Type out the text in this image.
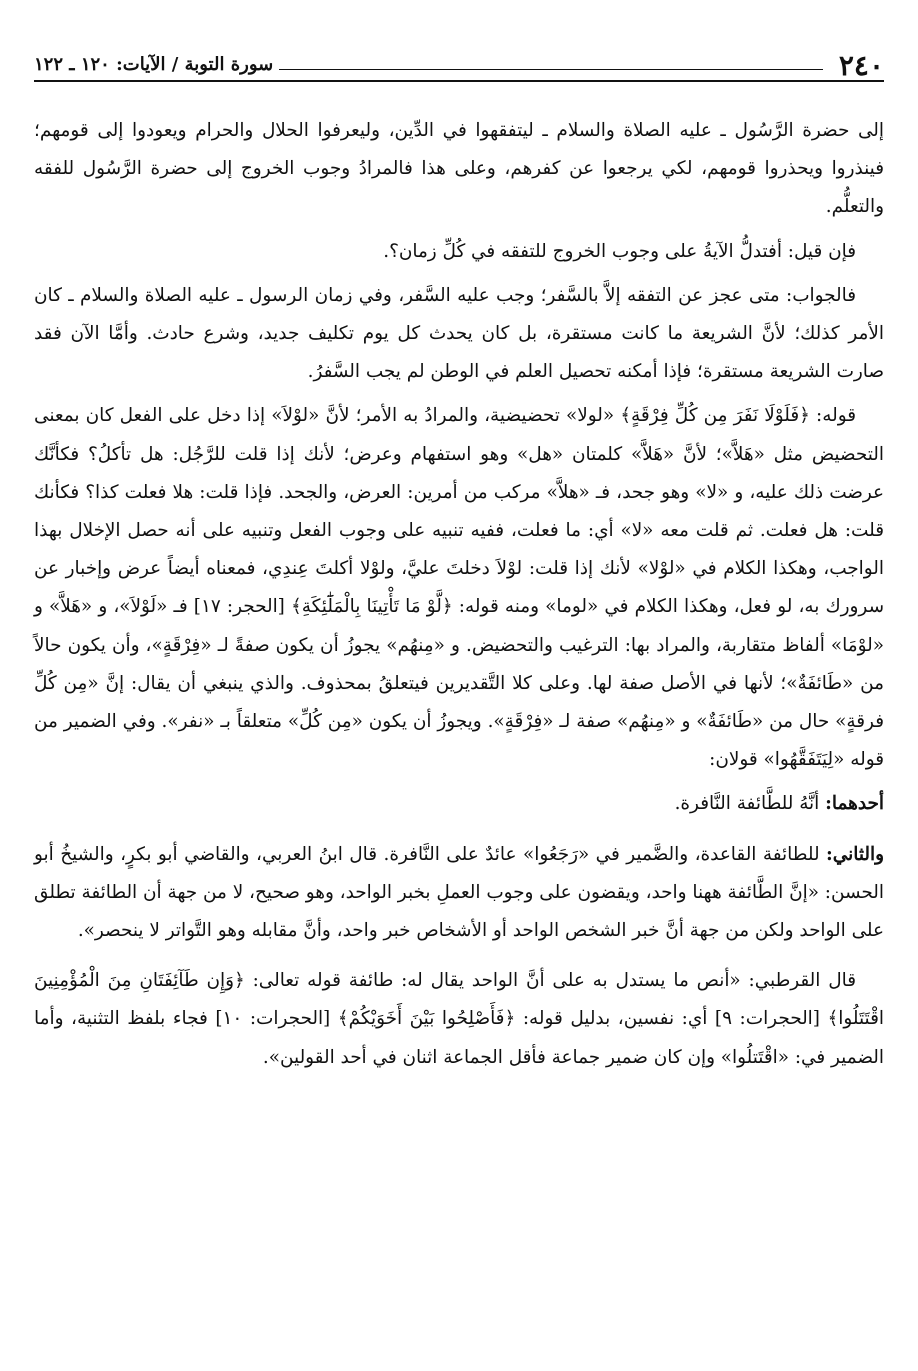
٢٤٠
سورة التوبة / الآيات: ١٢٠ ـ ١٢٢

إلى حضرة الرَّسُول ـ عليه الصلاة والسلام ـ ليتفقهوا في الدِّين، وليعرفوا الحلال والحرام ويعودوا إلى قومهم؛ فينذروا ويحذروا قومهم، لكي يرجعوا عن كفرهم، وعلى هذا فالمرادُ وجوب الخروج إلى حضرة الرَّسُول للفقه والتعلُّم.

فإن قيل: أفتدلُّ الآيةُ على وجوب الخروج للتفقه في كُلِّ زمان؟.

فالجواب: متى عجز عن التفقه إلاَّ بالسَّفر؛ وجب عليه السَّفر، وفي زمان الرسول ـ عليه الصلاة والسلام ـ كان الأمر كذلك؛ لأنَّ الشريعة ما كانت مستقرة، بل كان يحدث كل يوم تكليف جديد، وشرع حادث. وأمَّا الآن فقد صارت الشريعة مستقرة؛ فإذا أمكنه تحصيل العلم في الوطن لم يجب السَّفرُ.

قوله: ﴿فَلَوْلَا نَفَرَ مِن كُلِّ فِرْقَةٍ﴾ «لولا» تحضيضية، والمرادُ به الأمر؛ لأنَّ «لوْلاَ» إذا دخل على الفعل كان بمعنى التحضيض مثل «هَلاَّ»؛ لأنَّ «هَلاَّ» كلمتان «هل» وهو استفهام وعرض؛ لأنك إذا قلت للرَّجُل: هل تأكلُ؟ فكأنَّك عرضت ذلك عليه، و «لا» وهو جحد، فـ «هلاَّ» مركب من أمرين: العرض، والجحد. فإذا قلت: هلا فعلت كذا؟ فكأنك قلت: هل فعلت. ثم قلت معه «لا» أي: ما فعلت، ففيه تنبيه على وجوب الفعل وتنبيه على أنه حصل الإخلال بهذا الواجب، وهكذا الكلام في «لوْلا» لأنك إذا قلت: لوْلاَ دخلتَ عليَّ، ولوْلا أكلتَ عِندِي، فمعناه أيضاً عرض وإخبار عن سرورك به، لو فعل، وهكذا الكلام في «لوما» ومنه قوله: ﴿لَّوْ مَا تَأْتِينَا بِالْمَلَٰٓئِكَةِ﴾ [الحجر: ١٧] فـ «لَوْلاَ»، و «هَلاَّ» و «لوْمَا» ألفاظ متقاربة، والمراد بها: الترغيب والتحضيض. و «مِنهُم» يجوزُ أن يكون صفةً لـ «فِرْقَةٍ»، وأن يكون حالاً من «طَائفَةٌ»؛ لأنها في الأصل صفة لها. وعلى كلا التَّقديرين فيتعلقُ بمحذوف. والذي ينبغي أن يقال: إنَّ «مِن كُلِّ فرقةٍ» حال من «طَائفَةٌ» و «مِنهُم» صفة لـ «فِرْقَةٍ». ويجوزُ أن يكون «مِن كُلِّ» متعلقاً بـ «نفر». وفي الضمير من قوله «لِيَتَفَقَّهُوا» قولان:

أحدهما: أنَّهُ للطَّائفة النَّافرة.

والثاني: للطائفة القاعدة، والضَّمير في «رَجَعُوا» عائدٌ على النَّافرة. قال ابنُ العربي، والقاضي أبو بكرٍ، والشيخُ أبو الحسن: «إنَّ الطَّائفة ههنا واحد، ويقضون على وجوب العملِ بخبر الواحد، وهو صحيح، لا من جهة أن الطائفة تطلق على الواحد ولكن من جهة أنَّ خبر الشخص الواحد أو الأشخاص خبر واحد، وأنَّ مقابله وهو التَّواتر لا ينحصر».

قال القرطبي: «أنص ما يستدل به على أنَّ الواحد يقال له: طائفة قوله تعالى: ﴿وَإِن طَآئِفَتَانِ مِنَ الْمُؤْمِنِينَ اقْتَتَلُوا﴾ [الحجرات: ٩] أي: نفسين، بدليل قوله: ﴿فَأَصْلِحُوا بَيْنَ أَخَوَيْكُمْ﴾ [الحجرات: ١٠] فجاء بلفظ التثنية، وأما الضمير في: «اقْتَتلُوا» وإن كان ضمير جماعة فأقل الجماعة اثنان في أحد القولين».
